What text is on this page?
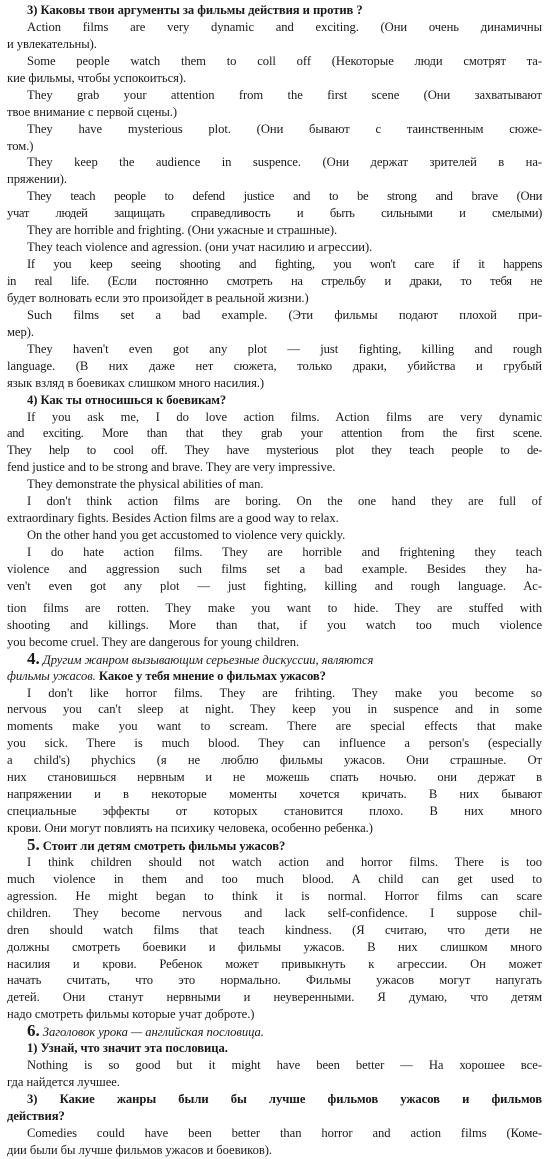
3) Каковы твои аргументы за фильмы действия и против ?
Action films are very dynamic and exciting. (Они очень динамичны
и увлекательны).
Some people watch them to coll off (Некоторые люди смотрят та-
кие фильмы, чтобы успокоиться).
They grab your attention from the first scene (Они захватывают
твое внимание с первой сцены.)
They have mysterious plot. (Они бывают с таинственным сюже-
том.)
They keep the audience in suspence. (Они держат зрителей в на-
пряжении).
They teach people to defend justice and to be strong and brave (Они
учат людей защищать справедливость и быть сильными и смелыми)
They are horrible and frighting. (Они ужасные и страшные).
They teach violence and agression. (они учат насилию и агрессии).
If you keep seeing shooting and fighting, you won't care if it happens
in real life. (Если постоянно смотреть на стрельбу и драки, то тебя не
будет волновать если это произойдет в реальной жизни.)
Such films set a bad example. (Эти фильмы подают плохой при-
мер).
They haven't even got any plot — just fighting, killing and rough
language. (В них даже нет сюжета, только драки, убийства и грубый
язык взляд в боевиках слишком много насилия.)
4) Как ты относишься к боевикам?
If you ask me, I do love action films. Action films are very dynamic
and exciting. More than that they grab your attention from the first scene.
They help to cool off. They have mysterious plot they teach people to de-
fend justice and to be strong and brave. They are very impressive.
They demonstrate the physical abilities of man.
I don't think action films are boring. On the one hand they are full of
extraordinary fights. Besides Action films are a good way to relax.
On the other hand you get accustomed to violence very quickly.
I do hate action films. They are horrible and frightening they teach
violence and aggression such films set a bad example. Besides they ha-
ven't even got any plot — just fighting, killing and rough language. Ac-
tion films are rotten. They make you want to hide. They are stuffed with
shooting and killings. More than that, if you watch too much violence
you become cruel. They are dangerous for young children.
4. Другим жанром вызывающим серьезные дискуссии, являются
фильмы ужасов. Какое у тебя мнение о фильмах ужасов?
I don't like horror films. They are frihting. They make you become so
nervous you can't sleep at night. They keep you in suspence and in some
moments make you want to scream. There are special effects that make
you sick. There is much blood. They can influence a person's (especially
a child's) phychics (я не люблю фильмы ужасов. Они страшные. От
них становишься нервным и не можешь спать ночью. они держат в
напряжении и в некоторые моменты хочется кричать. В них бывают
специальные эффекты от которых становится плохо. В них много
крови. Они могут повлиять на психику человека, особенно ребенка.)
5. Стоит ли детям смотреть фильмы ужасов?
I think children should not watch action and horror films. There is too
much violence in them and too much blood. A child can get used to
agression. He might began to think it is normal. Horror films can scare
children. They become nervous and lack self-confidence. I suppose chil-
dren should watch films that teach kindness. (Я считаю, что дети не
должны смотреть боевики и фильмы ужасов. В них слишком много
насилия и крови. Ребенок может привыкнуть к агрессии. Он может
начать считать, что это нормально. Фильмы ужасов могут напугать
детей. Они станут нервными и неуверенными. Я думаю, что детям
надо смотреть фильмы которые учат доброте.)
6. Заголовок урока — английская пословица.
1) Узнай, что значит эта пословица.
Nothing is so good but it might have been better — На хорошее все-
гда найдется лучшее.
3) Какие жанры были бы лучше фильмов ужасов и фильмов
действия?
Comedies could have been better than horror and action films (Коме-
дии были бы лучше фильмов ужасов и боевиков).
